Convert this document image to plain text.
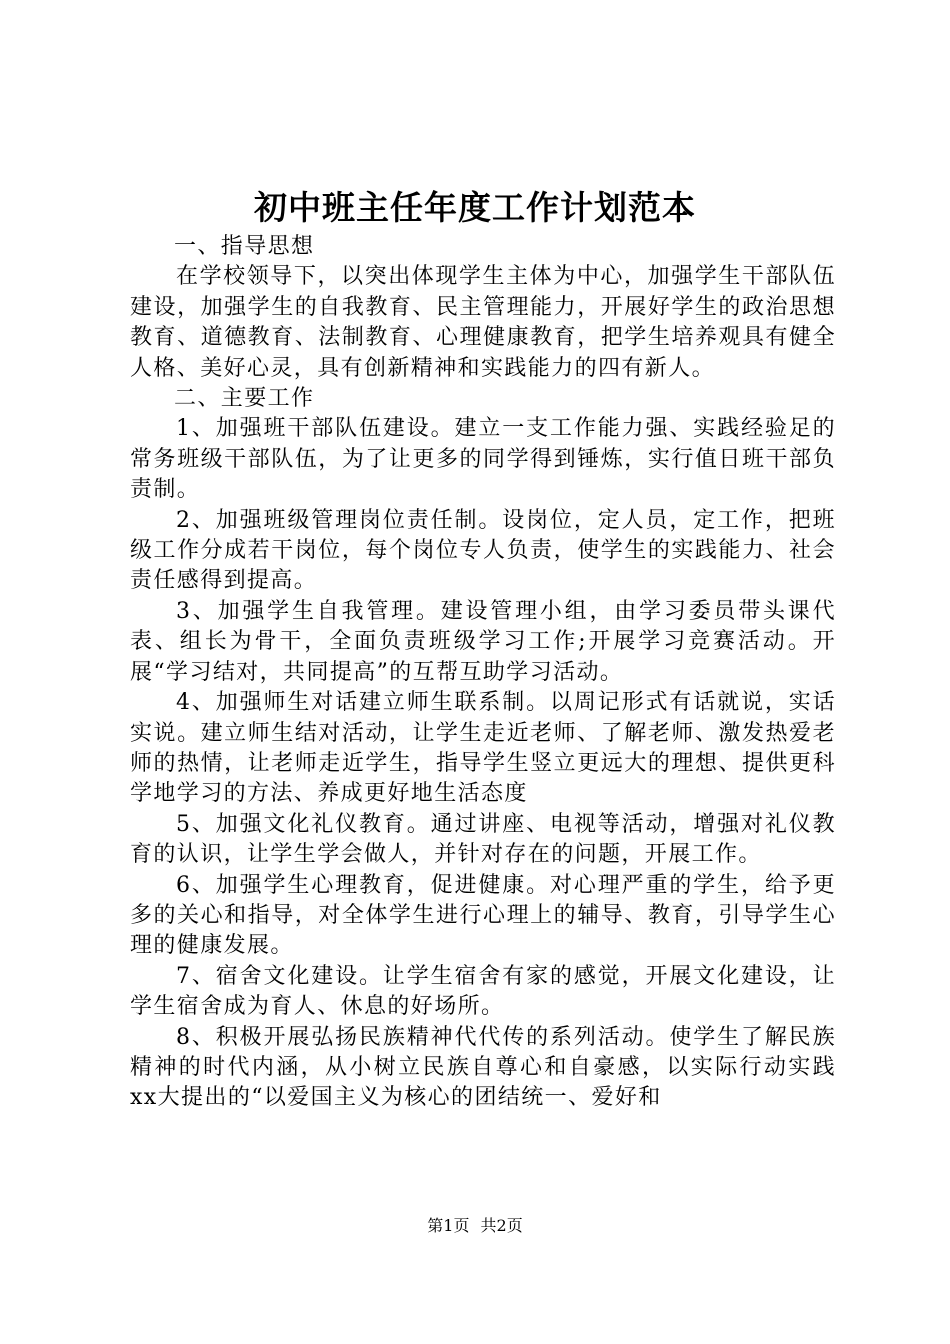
初中班主任年度工作计划范本

一、指导思想

在学校领导下，以突出体现学生主体为中心，加强学生干部队伍建设，加强学生的自我教育、民主管理能力，开展好学生的政治思想教育、道德教育、法制教育、心理健康教育，把学生培养观具有健全人格、美好心灵，具有创新精神和实践能力的四有新人。

二、主要工作

1、加强班干部队伍建设。建立一支工作能力强、实践经验足的常务班级干部队伍，为了让更多的同学得到锤炼，实行值日班干部负责制。

2、加强班级管理岗位责任制。设岗位，定人员，定工作，把班级工作分成若干岗位，每个岗位专人负责，使学生的实践能力、社会责任感得到提高。

3、加强学生自我管理。建设管理小组，由学习委员带头课代表、组长为骨干，全面负责班级学习工作;开展学习竞赛活动。开展“学习结对，共同提高”的互帮互助学习活动。

4、加强师生对话建立师生联系制。以周记形式有话就说，实话实说。建立师生结对活动，让学生走近老师、了解老师、激发热爱老师的热情，让老师走近学生，指导学生竖立更远大的理想、提供更科学地学习的方法、养成更好地生活态度

5、加强文化礼仪教育。通过讲座、电视等活动，增强对礼仪教育的认识，让学生学会做人，并针对存在的问题，开展工作。

6、加强学生心理教育，促进健康。对心理严重的学生，给予更多的关心和指导，对全体学生进行心理上的辅导、教育，引导学生心理的健康发展。

7、宿舍文化建设。让学生宿舍有家的感觉，开展文化建设，让学生宿舍成为育人、休息的好场所。

8、积极开展弘扬民族精神代代传的系列活动。使学生了解民族精神的时代内涵，从小树立民族自尊心和自豪感，以实际行动实践xx大提出的“以爱国主义为核心的团结统一、爱好和

第1页 共2页
